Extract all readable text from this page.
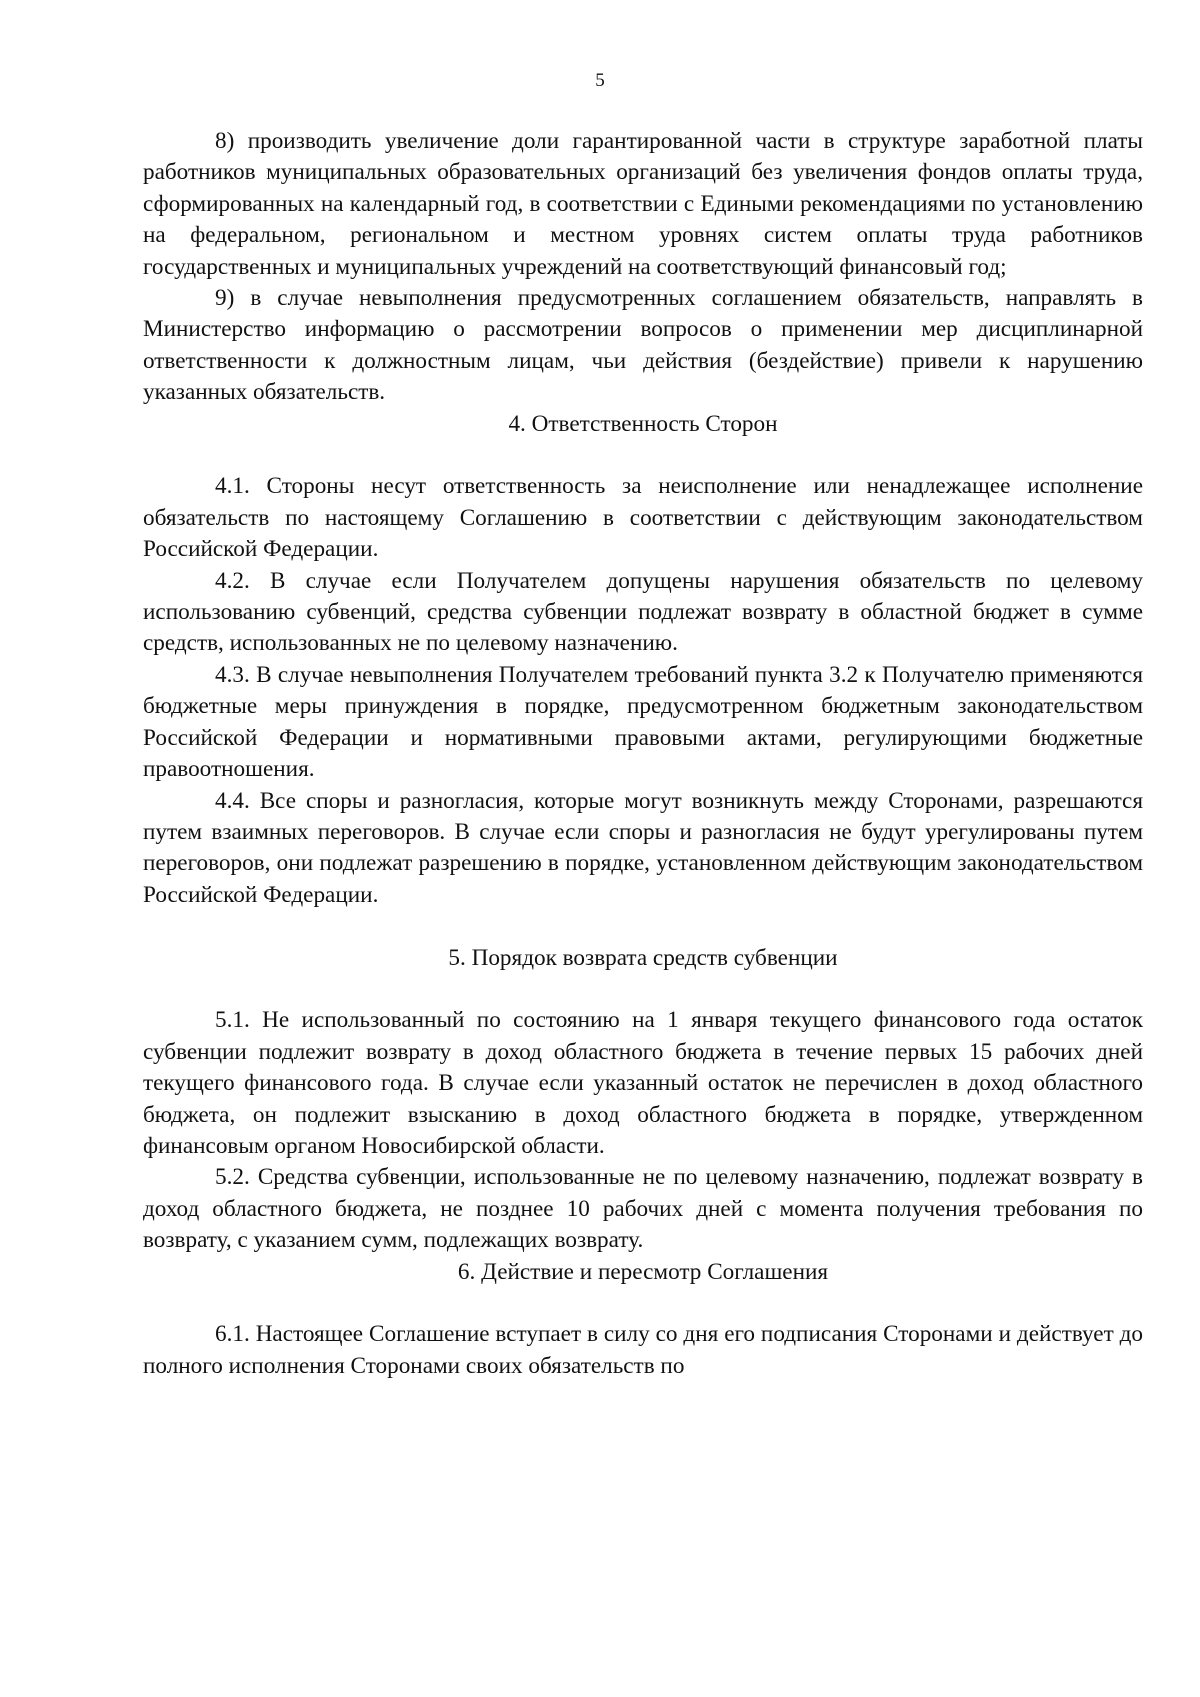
5

8) производить увеличение доли гарантированной части в структуре заработной платы работников муниципальных образовательных организаций без увеличения фондов оплаты труда, сформированных на календарный год, в соответствии с Едиными рекомендациями по установлению на федеральном, региональном и местном уровнях систем оплаты труда работников государственных и муниципальных учреждений на соответствующий финансовый год;

9) в случае невыполнения предусмотренных соглашением обязательств, направлять в Министерство информацию о рассмотрении вопросов о применении мер дисциплинарной ответственности к должностным лицам, чьи действия (бездействие) привели к нарушению указанных обязательств.

4. Ответственность Сторон

4.1. Стороны несут ответственность за неисполнение или ненадлежащее исполнение обязательств по настоящему Соглашению в соответствии с действующим законодательством Российской Федерации.

4.2. В случае если Получателем допущены нарушения обязательств по целевому использованию субвенций, средства субвенции подлежат возврату в областной бюджет в сумме средств, использованных не по целевому назначению.

4.3. В случае невыполнения Получателем требований пункта 3.2 к Получателю применяются бюджетные меры принуждения в порядке, предусмотренном бюджетным законодательством Российской Федерации и нормативными правовыми актами, регулирующими бюджетные правоотношения.

4.4. Все споры и разногласия, которые могут возникнуть между Сторонами, разрешаются путем взаимных переговоров. В случае если споры и разногласия не будут урегулированы путем переговоров, они подлежат разрешению в порядке, установленном действующим законодательством Российской Федерации.

5. Порядок возврата средств субвенции

5.1. Не использованный по состоянию на 1 января текущего финансового года остаток субвенции подлежит возврату в доход областного бюджета в течение первых 15 рабочих дней текущего финансового года. В случае если указанный остаток не перечислен в доход областного бюджета, он подлежит взысканию в доход областного бюджета в порядке, утвержденном финансовым органом Новосибирской области.

5.2. Средства субвенции, использованные не по целевому назначению, подлежат возврату в доход областного бюджета, не позднее 10 рабочих дней с момента получения требования по возврату, с указанием сумм, подлежащих возврату.

6. Действие и пересмотр Соглашения

6.1. Настоящее Соглашение вступает в силу со дня его подписания Сторонами и действует до полного исполнения Сторонами своих обязательств по
